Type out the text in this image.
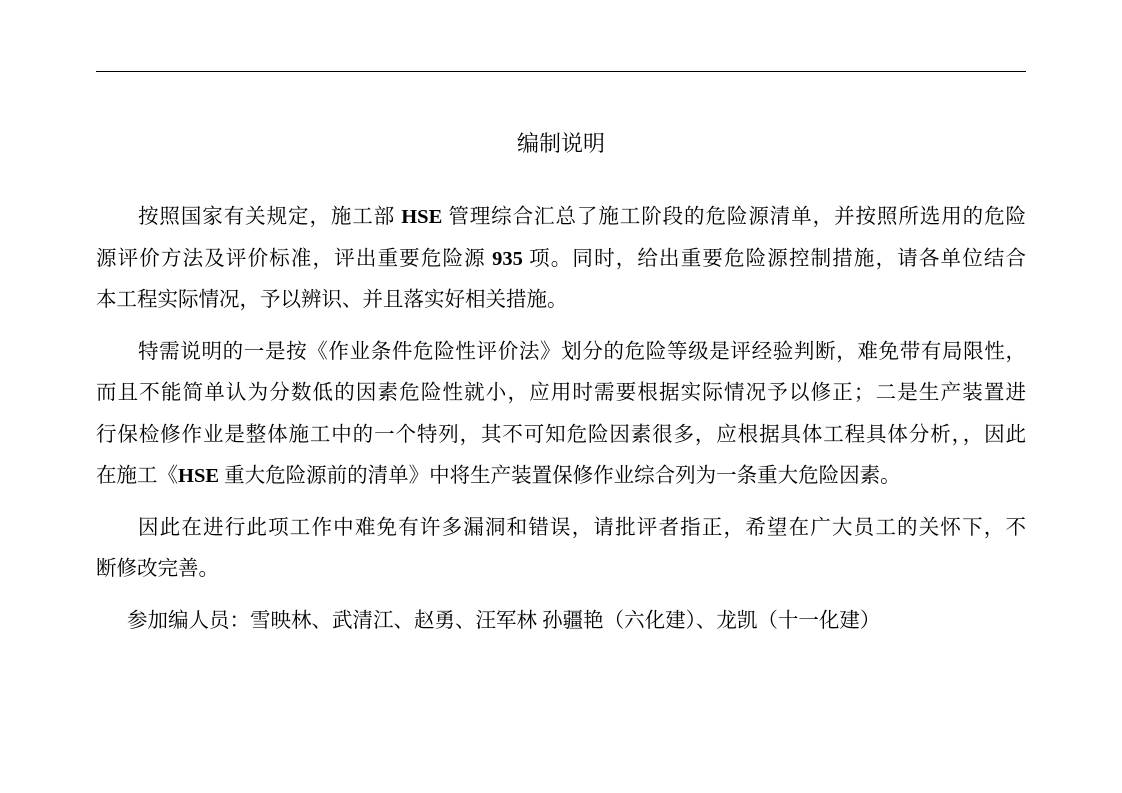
编制说明
按照国家有关规定，施工部 HSE 管理综合汇总了施工阶段的危险源清单，并按照所选用的危险
源评价方法及评价标准，评出重要危险源 935 项。同时，给出重要危险源控制措施，请各单位结合
本工程实际情况，予以辨识、并且落实好相关措施。
特需说明的一是按《作业条件危险性评价法》划分的危险等级是评经验判断，难免带有局限性，
而且不能简单认为分数低的因素危险性就小，应用时需要根据实际情况予以修正；二是生产装置进
行保检修作业是整体施工中的一个特列，其不可知危险因素很多，应根据具体工程具体分析，，因此
在施工《HSE 重大危险源前的清单》中将生产装置保修作业综合列为一条重大危险因素。
因此在进行此项工作中难免有许多漏洞和错误，请批评者指正，希望在广大员工的关怀下，不
断修改完善。
参加编人员：雪映林、武清江、赵勇、汪军林 孙疆艳（六化建）、龙凯（十一化建）
